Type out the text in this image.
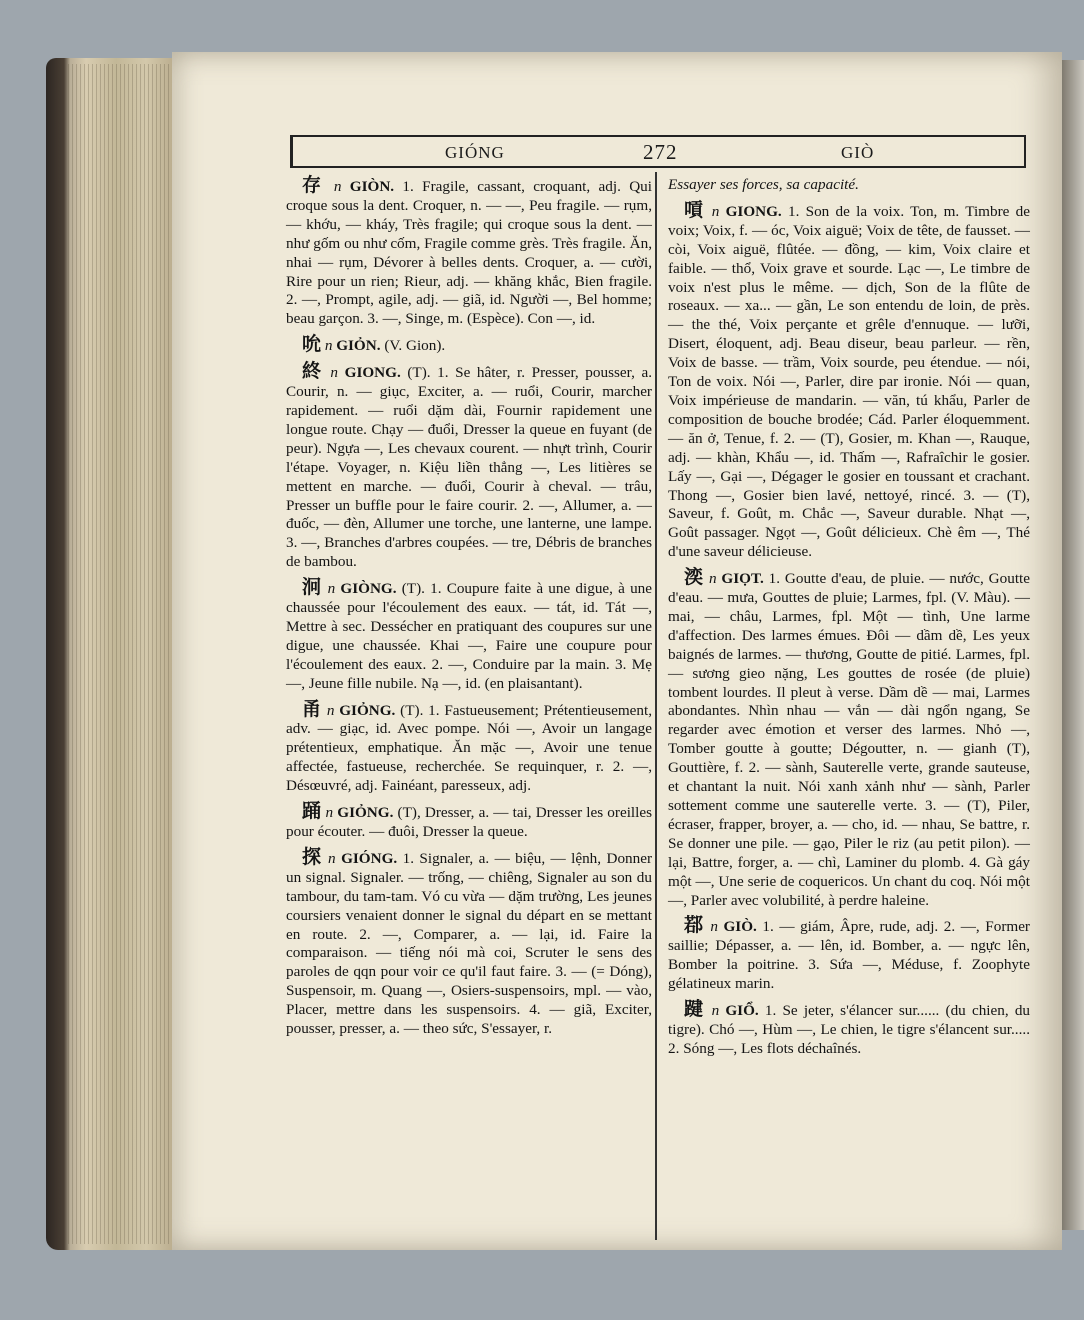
GIÓNG	272	GIÒ

存 n GIÒN. 1. Fragile, cassant, croquant, adj. Qui croque sous la dent. Croquer, n. — —, Peu fragile. — rụm, — khớu, — kháy, Très fragile; qui croque sous la dent. — như gốm ou như cốm, Fragile comme grès. Très fragile. Ăn, nhai — rụm, Dévorer à belles dents. Croquer, a. — cười, Rire pour un rien; Rieur, adj. — khăng khắc, Bien fragile. 2. —, Prompt, agile, adj. — giã, id. Người —, Bel homme; beau garçon. 3. —, Singe, m. (Espèce). Con —, id.

吮 n GIỎN. (V. Gion).

終 n GIONG. (T). 1. Se hâter, r. Presser, pousser, a. Courir, n. — giục, Exciter, a. — ruổi, Courir, marcher rapidement. — ruổi dặm dài, Fournir rapidement une longue route. Chạy — đuổi, Dresser la queue en fuyant (de peur). Ngựa —, Les chevaux courent. — nhựt trình, Courir l'étape. Voyager, n. Kiệu liền thẳng —, Les litières se mettent en marche. — đuổi, Courir à cheval. — trâu, Presser un buffle pour le faire courir. 2. —, Allumer, a. — đuốc, — đèn, Allumer une torche, une lanterne, une lampe. 3. —, Branches d'arbres coupées. — tre, Débris de branches de bambou.

泂 n GIÒNG. (T). 1. Coupure faite à une digue, à une chaussée pour l'écoulement des eaux. — tát, id. Tát —, Mettre à sec. Dessécher en pratiquant des coupures sur une digue, une chaussée. Khai —, Faire une coupure pour l'écoulement des eaux. 2. —, Conduire par la main. 3. Mẹ —, Jeune fille nubile. Nạ —, id. (en plaisantant).

甬 n GIỎNG. (T). 1. Fastueusement; Prétentieusement, adv. — giạc, id. Avec pompe. Nói —, Avoir un langage prétentieux, emphatique. Ăn mặc —, Avoir une tenue affectée, fastueuse, recherchée. Se requinquer, r. 2. —, Désœuvré, adj. Fainéant, paresseux, adj.

踊 n GIỎNG. (T), Dresser, a. — tai, Dresser les oreilles pour écouter. — đuôi, Dresser la queue.

探 n GIÓNG. 1. Signaler, a. — biệu, — lệnh, Donner un signal. Signaler. — trống, — chiêng, Signaler au son du tambour, du tam-tam. Vó cu vừa — dặm trường, Les jeunes coursiers venaient donner le signal du départ en se mettant en route. 2. —, Comparer, a. — lại, id. Faire la comparaison. — tiếng nói mà coi, Scruter le sens des paroles de qqn pour voir ce qu'il faut faire. 3. — (= Dóng), Suspensoir, m. Quang —, Osiers-suspensoirs, mpl. — vào, Placer, mettre dans les suspensoirs. 4. — giã, Exciter, pousser, presser, a. — theo sức, S'essayer, r.

Essayer ses forces, sa capacité.

嗊 n GIONG. 1. Son de la voix. Ton, m. Timbre de voix; Voix, f. — óc, Voix aiguë; Voix de tête, de fausset. — còi, Voix aiguë, flûtée. — đồng, — kim, Voix claire et faible. — thổ, Voix grave et sourde. Lạc —, Le timbre de voix n'est plus le même. — dịch, Son de la flûte de roseaux. — xa... — gần, Le son entendu de loin, de près. — the thé, Voix perçante et grêle d'ennuque. — lưỡi, Disert, éloquent, adj. Beau diseur, beau parleur. — rền, Voix de basse. — trầm, Voix sourde, peu étendue. — nói, Ton de voix. Nói —, Parler, dire par ironie. Nói — quan, Voix impérieuse de mandarin. — văn, tú khẩu, Parler de composition de bouche brodée; Cád. Parler éloquemment. — ăn ở, Tenue, f. 2. — (T), Gosier, m. Khan —, Rauque, adj. — khàn, Khẩu —, id. Thấm —, Rafraîchir le gosier. Lấy —, Gại —, Dégager le gosier en toussant et crachant. Thong —, Gosier bien lavé, nettoyé, rincé. 3. — (T), Saveur, f. Goût, m. Chắc —, Saveur durable. Nhạt —, Goût passager. Ngọt —, Goût délicieux. Chè êm —, Thé d'une saveur délicieuse.

湙 n GIỌT. 1. Goutte d'eau, de pluie. — nước, Goutte d'eau. — mưa, Gouttes de pluie; Larmes, fpl. (V. Màu). — mai, — châu, Larmes, fpl. Một — tình, Une larme d'affection. Des larmes émues. Đôi — dầm dề, Les yeux baignés de larmes. — thương, Goutte de pitié. Larmes, fpl. — sương gieo nặng, Les gouttes de rosée (de pluie) tombent lourdes. Il pleut à verse. Dầm dề — mai, Larmes abondantes. Nhìn nhau — vắn — dài ngổn ngang, Se regarder avec émotion et verser des larmes. Nhỏ —, Tomber goutte à goutte; Dégoutter, n. — gianh (T), Gouttière, f. 2. — sành, Sauterelle verte, grande sauteuse, et chantant la nuit. Nói xanh xảnh như — sành, Parler sottement comme une sauterelle verte. 3. — (T), Piler, écraser, frapper, broyer, a. — cho, id. — nhau, Se battre, r. Se donner une pile. — gạo, Piler le riz (au petit pilon). — lại, Battre, forger, a. — chì, Laminer du plomb. 4. Gà gáy một —, Une serie de coquericos. Un chant du coq. Nói một —, Parler avec volubilité, à perdre haleine.

鄀 n GIÒ. 1. — giám, Âpre, rude, adj. 2. —, Former saillie; Dépasser, a. — lên, id. Bomber, a. — ngực lên, Bomber la poitrine. 3. Sứa —, Méduse, f. Zoophyte gélatineux marin.

踺 n GIỔ. 1. Se jeter, s'élancer sur...... (du chien, du tigre). Chó —, Hùm —, Le chien, le tigre s'élancent sur..... 2. Sóng —, Les flots déchaînés.
